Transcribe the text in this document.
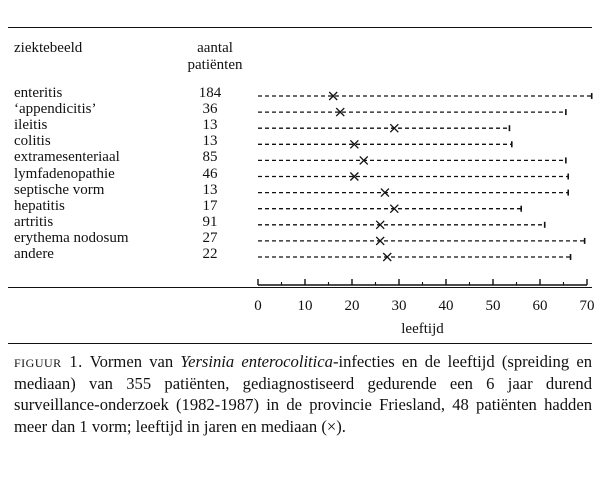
ziektebeeld	aantal
patiënten
enteritis	184
‘appendicitis’	36
ileitis	13
colitis	13
extramesenteriaal	85
lymfadenopathie	46
septische vorm	13
hepatitis	17
artritis	91
erythema nodosum	27
andere	22
0 10 20 30 40 50 60 70
leeftijd
figuur 1. Vormen van Yersinia enterocolitica-infecties en de leeftijd (spreiding en mediaan) van 355 patiënten, gediagnostiseerd gedurende een 6 jaar durend surveillance-onderzoek (1982-1987) in de provincie Friesland, 48 patiënten hadden meer dan 1 vorm; leeftijd in jaren en mediaan (×).
